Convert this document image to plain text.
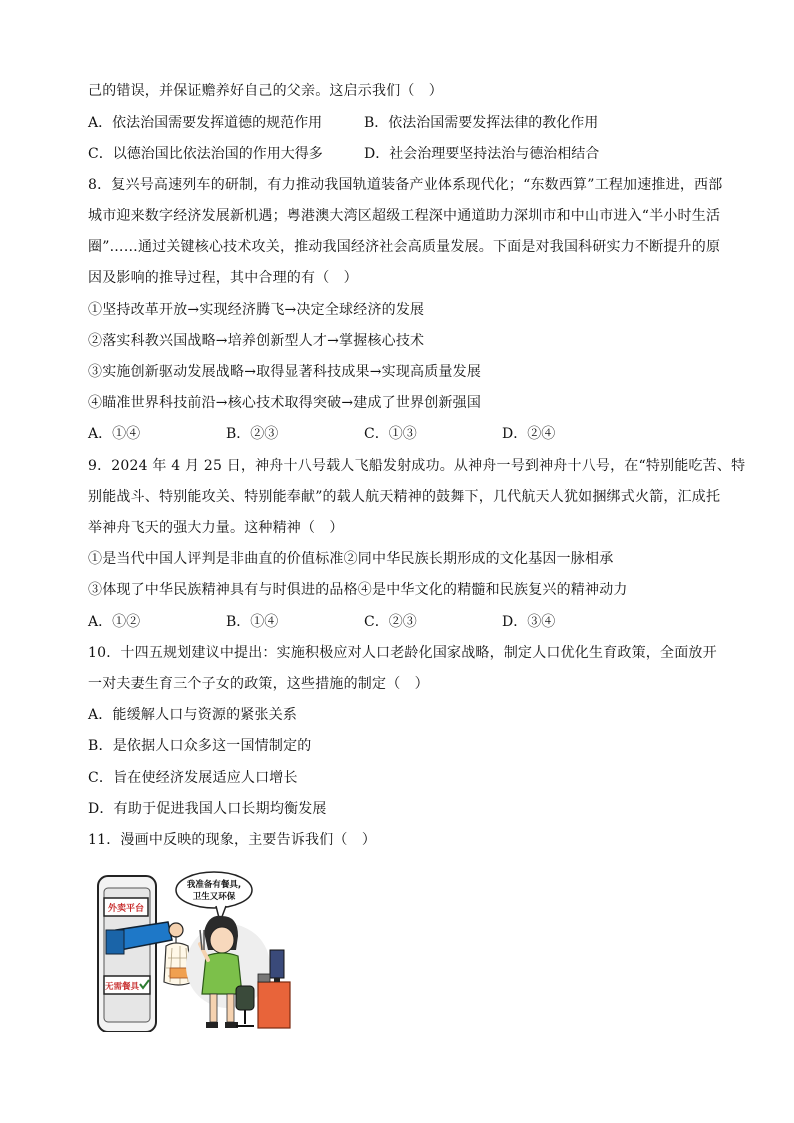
己的错误，并保证赡养好自己的父亲。这启示我们（　）
A．依法治国需要发挥道德的规范作用	B．依法治国需要发挥法律的教化作用
C．以德治国比依法治国的作用大得多	D．社会治理要坚持法治与德治相结合
8．复兴号高速列车的研制，有力推动我国轨道装备产业体系现代化；“东数西算”工程加速推进，西部
城市迎来数字经济发展新机遇；粤港澳大湾区超级工程深中通道助力深圳市和中山市进入“半小时生活
圈”……通过关键核心技术攻关，推动我国经济社会高质量发展。下面是对我国科研实力不断提升的原
因及影响的推导过程，其中合理的有（　）
①坚持改革开放→实现经济腾飞→决定全球经济的发展
②落实科教兴国战略→培养创新型人才→掌握核心技术
③实施创新驱动发展战略→取得显著科技成果→实现高质量发展
④瞄准世界科技前沿→核心技术取得突破→建成了世界创新强国
A．①④	B．②③	C．①③	D．②④
9．2024 年 4 月 25 日，神舟十八号载人飞船发射成功。从神舟一号到神舟十八号，在“特别能吃苦、特
别能战斗、特别能攻关、特别能奉献”的载人航天精神的鼓舞下，几代航天人犹如捆绑式火箭，汇成托
举神舟飞天的强大力量。这种精神（　）
①是当代中国人评判是非曲直的价值标准②同中华民族长期形成的文化基因一脉相承
③体现了中华民族精神具有与时俱进的品格④是中华文化的精髓和民族复兴的精神动力
A．①②	B．①④	C．②③	D．③④
10．十四五规划建议中提出：实施积极应对人口老龄化国家战略，制定人口优化生育政策，全面放开
一对夫妻生育三个子女的政策，这些措施的制定（　）
A．能缓解人口与资源的紧张关系
B．是依据人口众多这一国情制定的
C．旨在使经济发展适应人口增长
D．有助于促进我国人口长期均衡发展
11．漫画中反映的现象，主要告诉我们（　）
外卖平台
无需餐具
我准备有餐具,
卫生又环保
